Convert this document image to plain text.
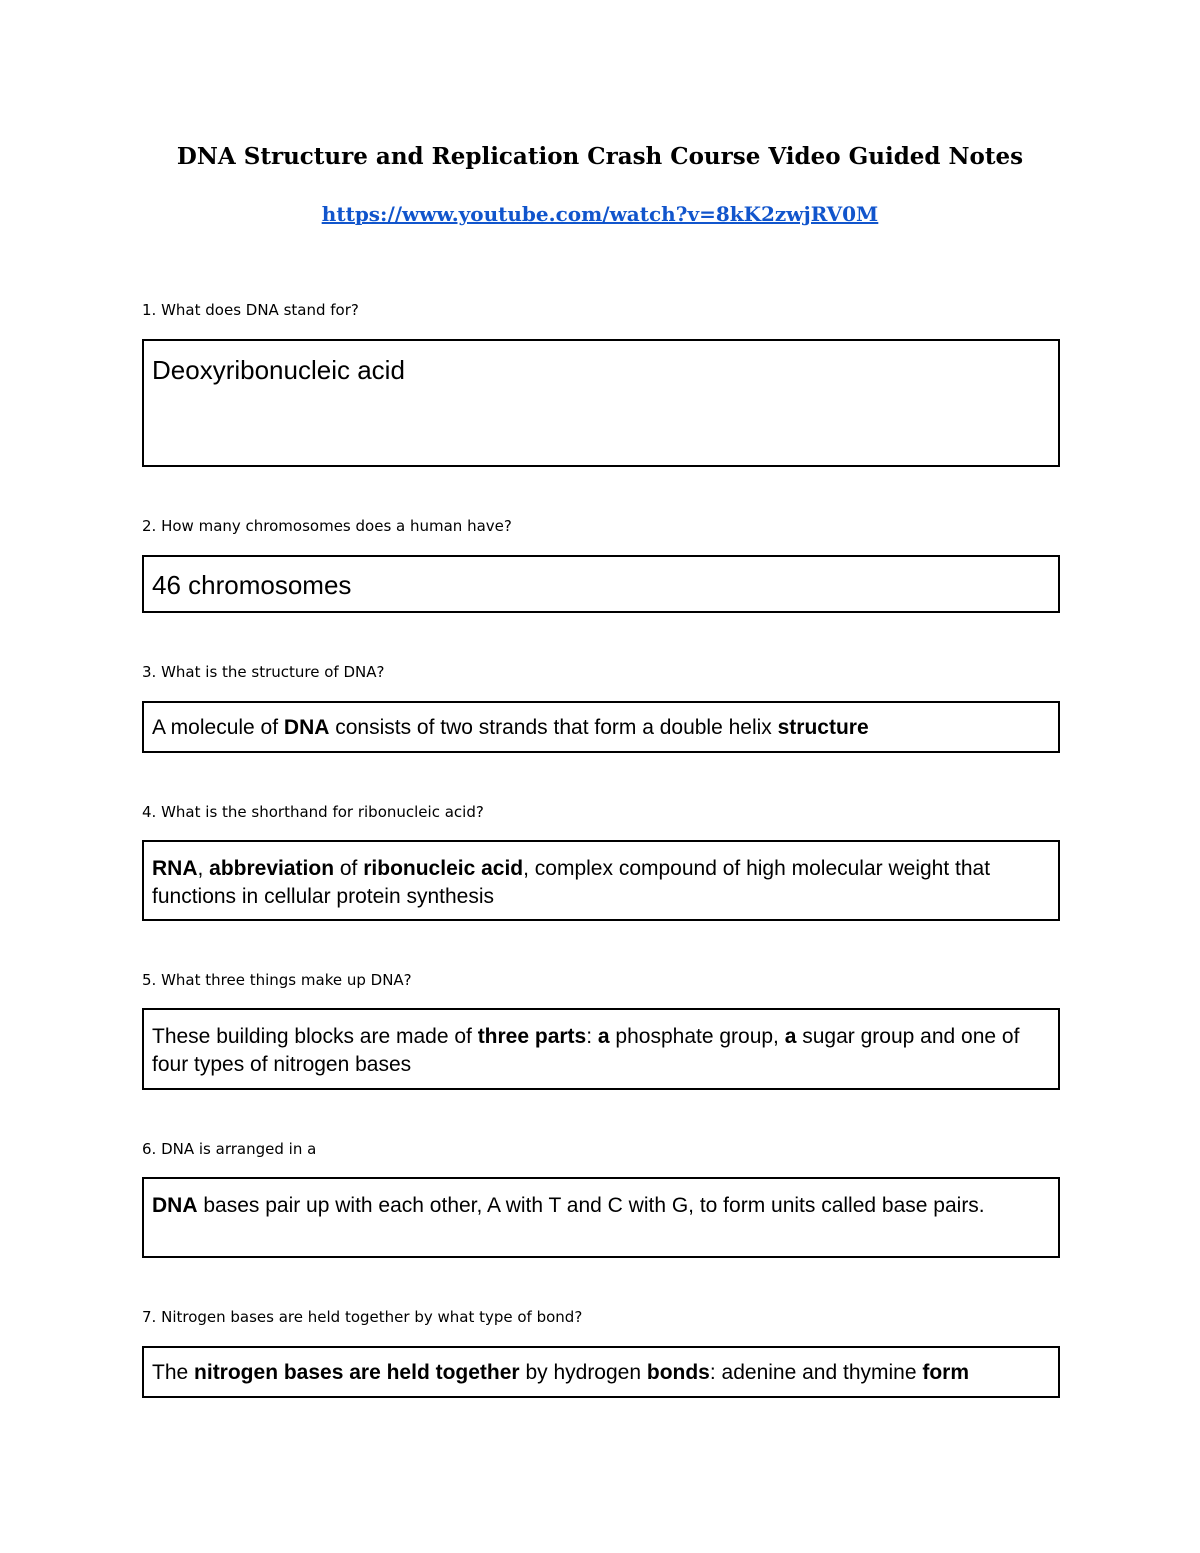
DNA Structure and Replication Crash Course Video Guided Notes
https://www.youtube.com/watch?v=8kK2zwjRV0M
1. What does DNA stand for?
Deoxyribonucleic acid
2. How many chromosomes does a human have?
46 chromosomes
3. What is the structure of DNA?
A molecule of DNA consists of two strands that form a double helix structure
4. What is the shorthand for ribonucleic acid?
RNA, abbreviation of ribonucleic acid, complex compound of high molecular weight that functions in cellular protein synthesis
5. What three things make up DNA?
These building blocks are made of three parts: a phosphate group, a sugar group and one of four types of nitrogen bases
6. DNA is arranged in a
DNA bases pair up with each other, A with T and C with G, to form units called base pairs.
7. Nitrogen bases are held together by what type of bond?
The nitrogen bases are held together by hydrogen bonds: adenine and thymine form
